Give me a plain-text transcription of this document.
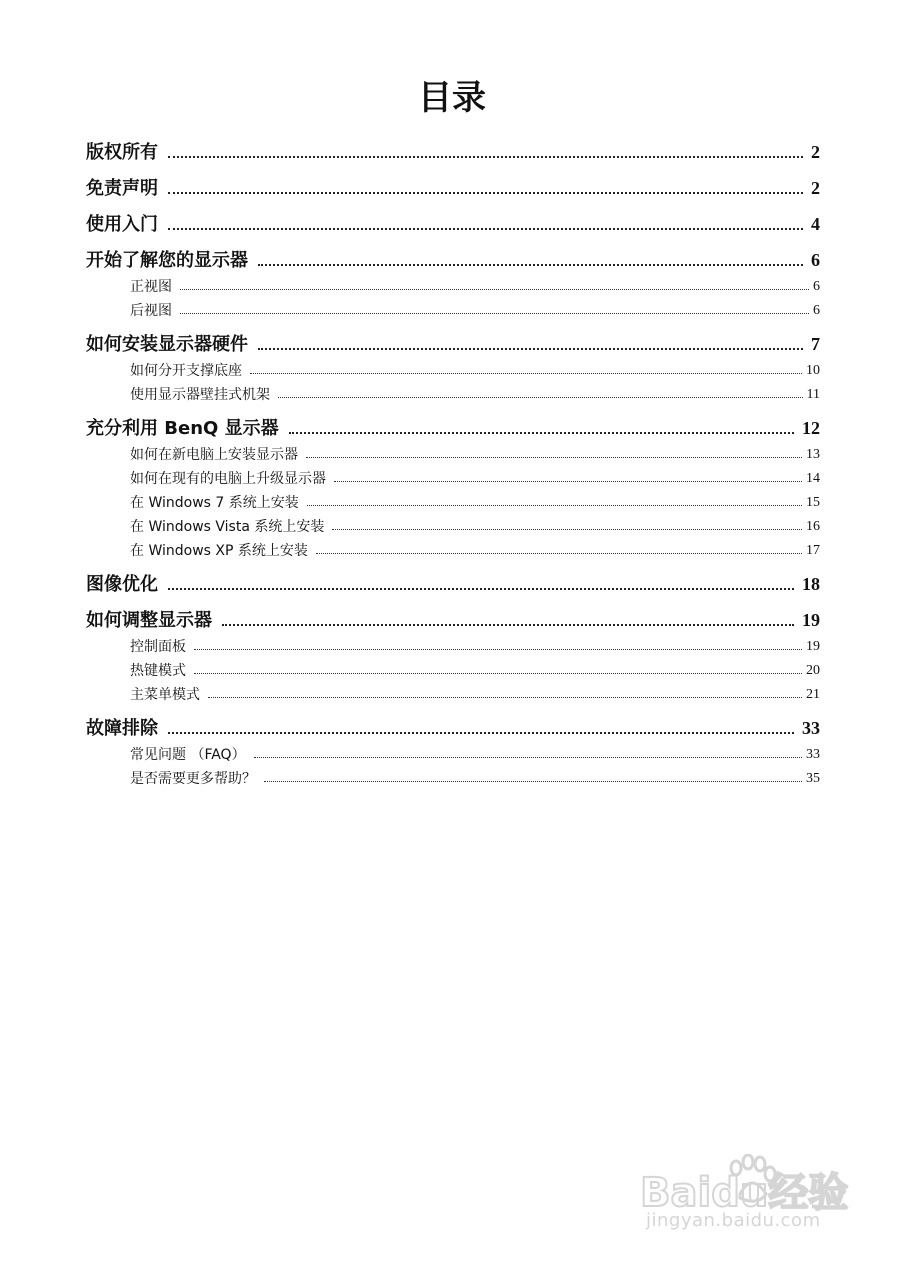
目录
版权所有	2
免责声明	2
使用入门	4
开始了解您的显示器	6
正视图	6
后视图	6
如何安装显示器硬件	7
如何分开支撑底座	10
使用显示器壁挂式机架	11
充分利用 BenQ 显示器	12
如何在新电脑上安装显示器	13
如何在现有的电脑上升级显示器	14
在 Windows 7 系统上安装	15
在 Windows Vista 系统上安装	16
在 Windows XP 系统上安装	17
图像优化	18
如何调整显示器	19
控制面板	19
热键模式	20
主菜单模式	21
故障排除	33
常见问题 （FAQ）	33
是否需要更多帮助？	35
Baidu经验
jingyan.baidu.com
